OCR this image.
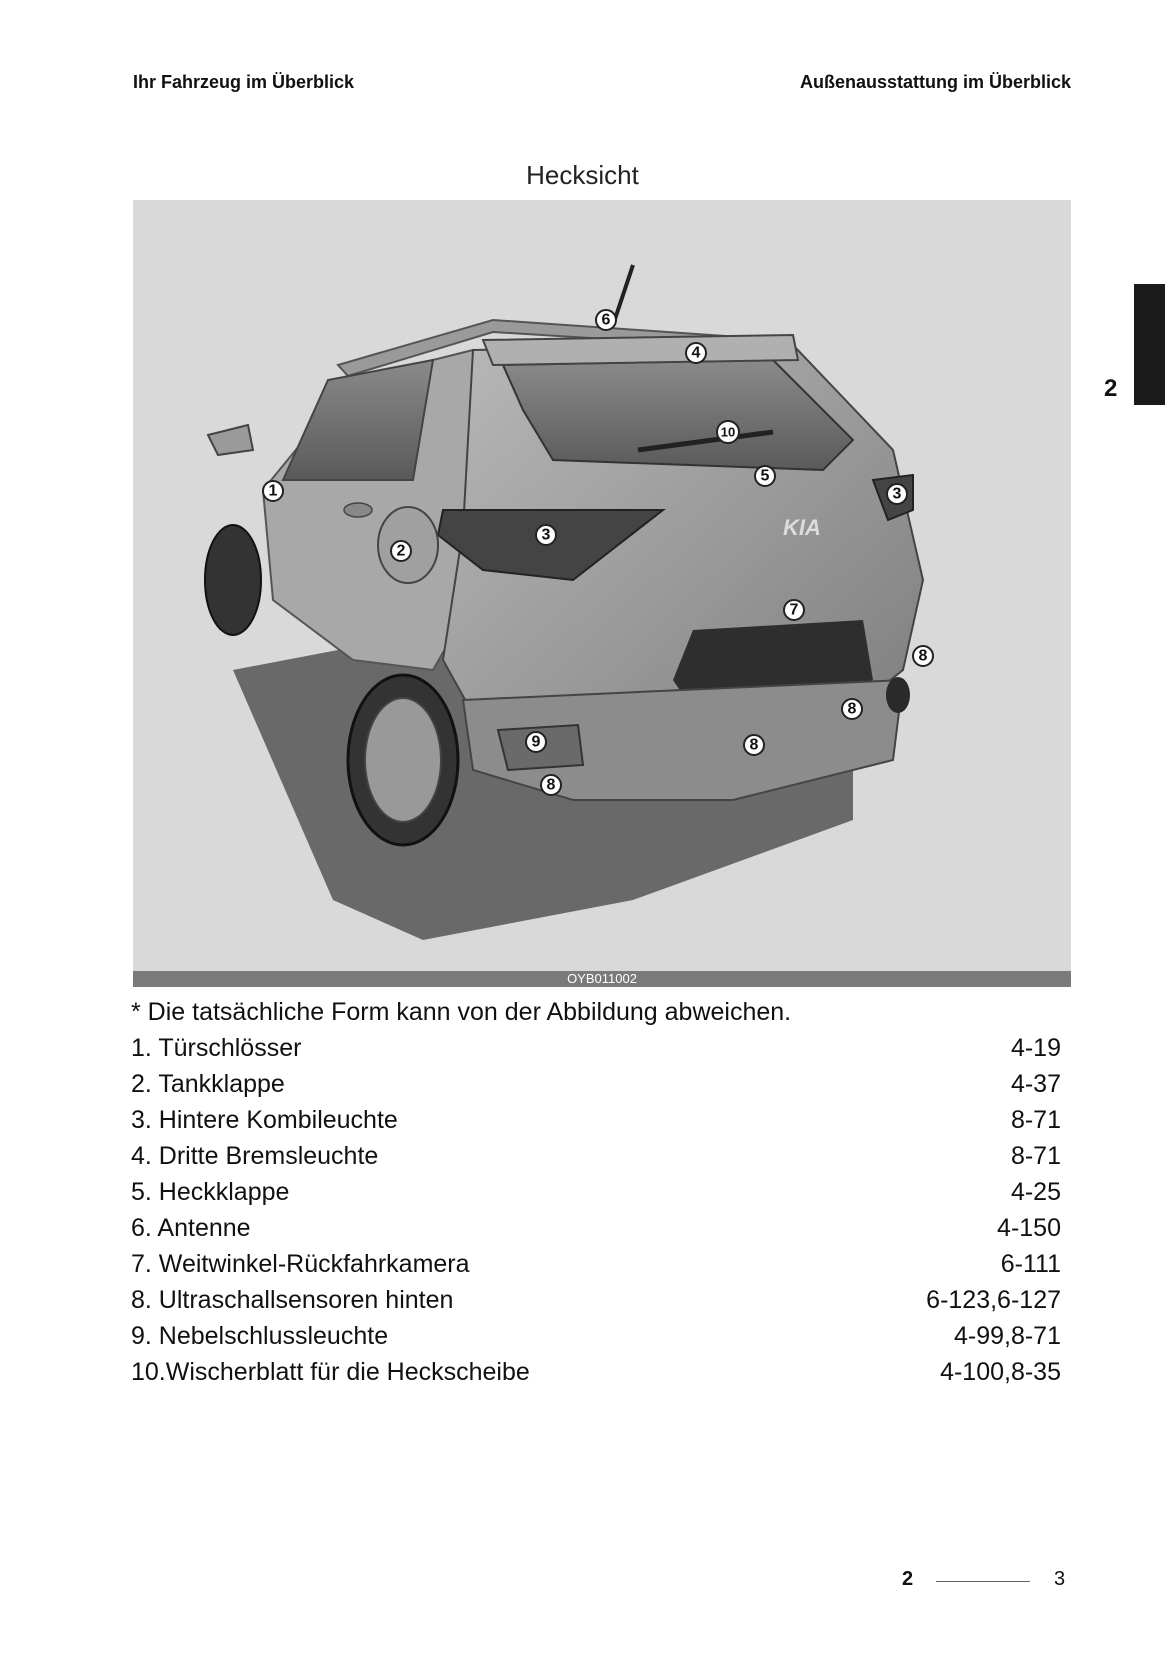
Ihr Fahrzeug im Überblick	Außenausstattung im Überblick
Hecksicht
2
KIA
6
4
10
5
3
3
1
2
7
8
8
8
8
9
OYB011002
* Die tatsächliche Form kann von der Abbildung abweichen.
1. Türschlösser	4-19
2. Tankklappe	4-37
3. Hintere Kombileuchte	8-71
4. Dritte Bremsleuchte	8-71
5. Heckklappe	4-25
6. Antenne	4-150
7. Weitwinkel-Rückfahrkamera	6-111
8. Ultraschallsensoren hinten	6-123,6-127
9. Nebelschlussleuchte	4-99,8-71
10.Wischerblatt für die Heckscheibe	4-100,8-35
2	3
